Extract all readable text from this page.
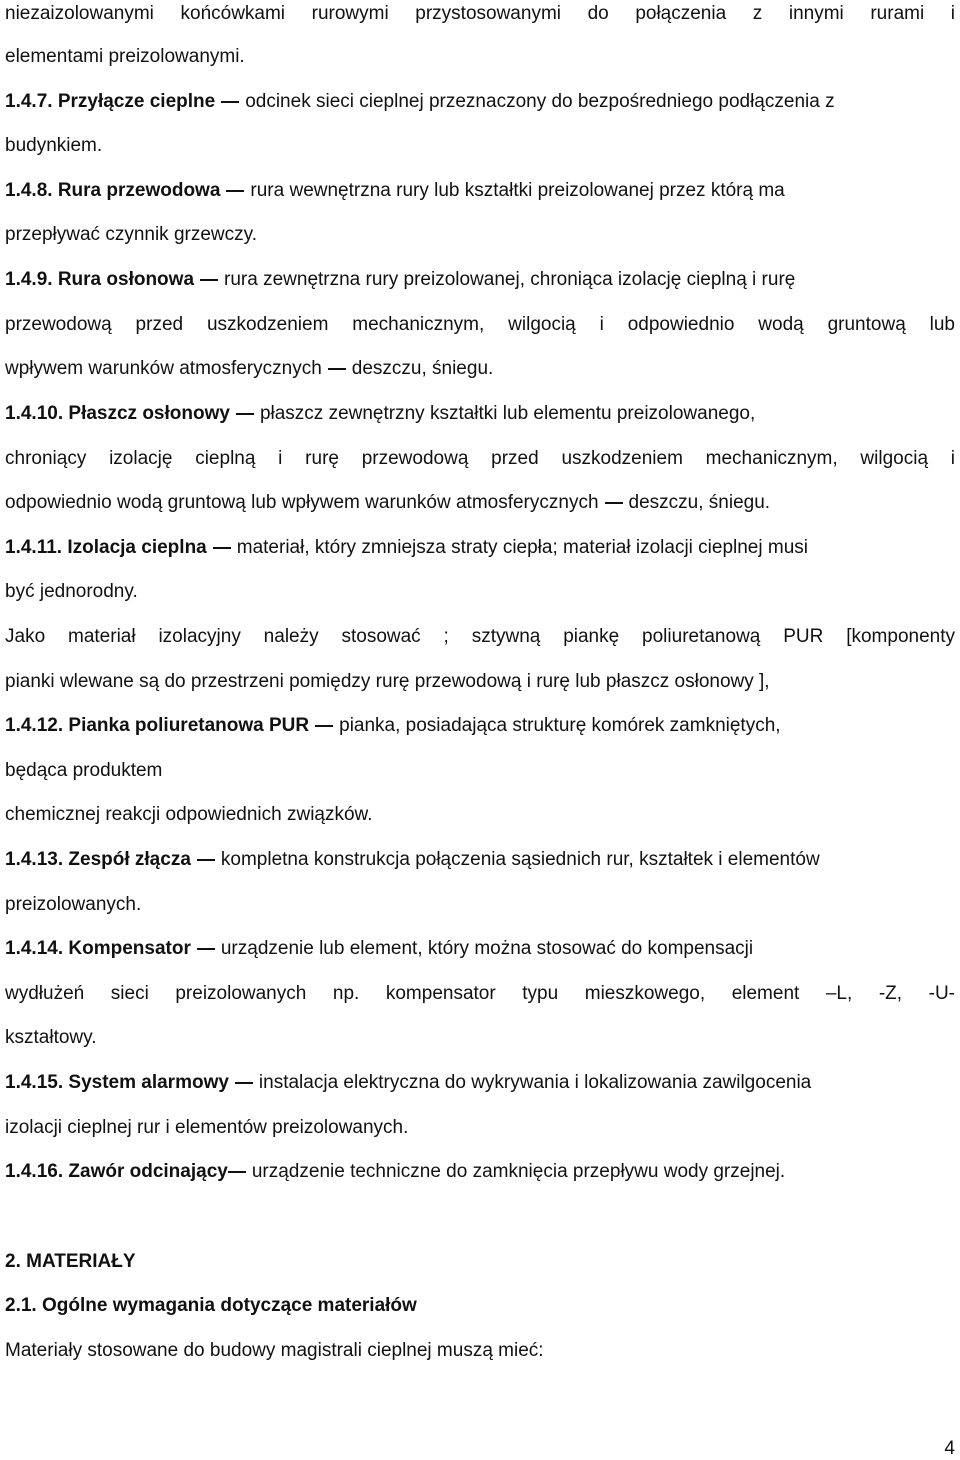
niezaizolowanymi końcówkami rurowymi przystosowanymi do połączenia z innymi rurami i
elementami preizolowanymi.
1.4.7. Przyłącze cieplne odcinek sieci cieplnej przeznaczony do bezpośredniego podłączenia z
budynkiem.
1.4.8. Rura przewodowa rura wewnętrzna rury lub kształtki preizolowanej przez którą ma
przepływać czynnik grzewczy.
1.4.9. Rura osłonowa rura zewnętrzna rury preizolowanej, chroniąca izolację cieplną i rurę
przewodową przed uszkodzeniem mechanicznym, wilgocią i odpowiednio wodą gruntową lub
wpływem warunków atmosferycznych deszczu, śniegu.
1.4.10. Płaszcz osłonowy płaszcz zewnętrzny kształtki lub elementu preizolowanego,
chroniący izolację cieplną i rurę przewodową przed uszkodzeniem mechanicznym, wilgocią i
odpowiednio wodą gruntową lub wpływem warunków atmosferycznych deszczu, śniegu.
1.4.11. Izolacja cieplna materiał, który zmniejsza straty ciepła; materiał izolacji cieplnej musi
być jednorodny.
Jako materiał izolacyjny należy stosować ; sztywną piankę poliuretanową PUR [komponenty
pianki wlewane są do przestrzeni pomiędzy rurę przewodową i rurę lub płaszcz osłonowy ],
1.4.12. Pianka poliuretanowa PUR pianka, posiadająca strukturę komórek zamkniętych,
będąca produktem
chemicznej reakcji odpowiednich związków.
1.4.13. Zespół złącza kompletna konstrukcja połączenia sąsiednich rur, kształtek i elementów
preizolowanych.
1.4.14. Kompensator urządzenie lub element, który można stosować do kompensacji
wydłużeń sieci preizolowanych np. kompensator typu mieszkowego, element –L, -Z, -U-
kształtowy.
1.4.15. System alarmowy instalacja elektryczna do wykrywania i lokalizowania zawilgocenia
izolacji cieplnej rur i elementów preizolowanych.
1.4.16. Zawór odcinający urządzenie techniczne do zamknięcia przepływu wody grzejnej.
2. MATERIAŁY
2.1. Ogólne wymagania dotyczące materiałów
Materiały stosowane do budowy magistrali cieplnej muszą mieć:
4
